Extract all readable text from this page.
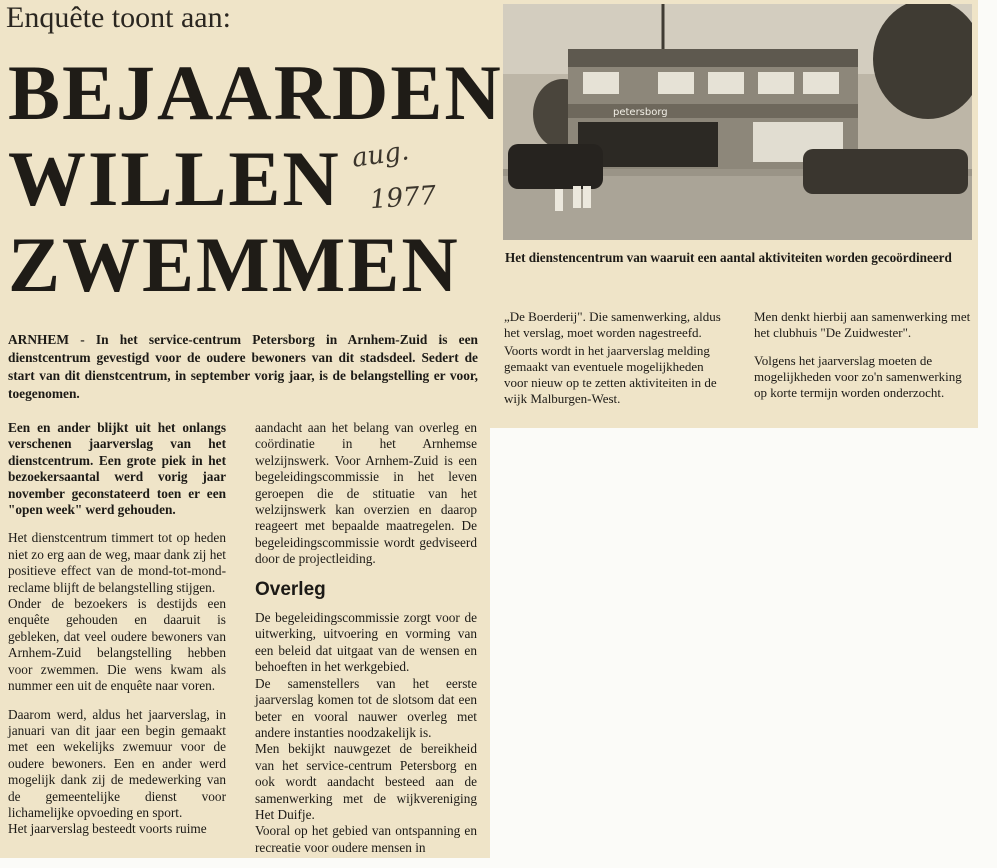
Enquête toont aan:
BEJAARDEN
WILLEN
ZWEMMEN
aug.
1977
petersborg
Het dienstencentrum van waaruit een aantal aktiviteiten worden gecoördineerd
ARNHEM - In het service-centrum Petersborg in Arnhem-Zuid is een dienstcentrum gevestigd voor de oudere bewoners van dit stadsdeel. Sedert de start van dit dienstcentrum, in september vorig jaar, is de belangstelling er voor, toegenomen.

Een en ander blijkt uit het onlangs verschenen jaarverslag van het dienstcentrum. Een grote piek in het bezoekersaantal werd vorig jaar november geconstateerd toen er een "open week" werd gehouden.

Het dienstcentrum timmert tot op heden niet zo erg aan de weg, maar dank zij het positieve effect van de mond-tot-mond-reclame blijft de belangstelling stijgen.

Onder de bezoekers is destijds een enquête gehouden en daaruit is gebleken, dat veel oudere bewoners van Arnhem-Zuid belangstelling hebben voor zwemmen. Die wens kwam als nummer een uit de enquête naar voren.

Daarom werd, aldus het jaarverslag, in januari van dit jaar een begin gemaakt met een wekelijks zwemuur voor de oudere bewoners. Een en ander werd mogelijk dank zij de medewerking van de gemeentelijke dienst voor lichamelijke opvoeding en sport.

Het jaarverslag besteedt voorts ruime

aandacht aan het belang van overleg en coördinatie in het Arnhemse welzijnswerk. Voor Arnhem-Zuid is een begeleidingscommissie in het leven geroepen die de stituatie van het welzijnswerk kan overzien en daarop reageert met bepaalde maatregelen. De begeleidingscommissie wordt gedviseerd door de projectleiding.

Overleg

De begeleidingscommissie zorgt voor de uitwerking, uitvoering en vorming van een beleid dat uitgaat van de wensen en behoeften in het werkgebied.

De samenstellers van het eerste jaarverslag komen tot de slotsom dat een beter en vooral nauwer overleg met andere instanties noodzakelijk is.

Men bekijkt nauwgezet de bereikheid van het service-centrum Petersborg en ook wordt aandacht besteed aan de samenwerking met de wijkvereniging Het Duifje.

Vooral op het gebied van ontspanning en recreatie voor oudere mensen in

„De Boerderij". Die samenwerking, aldus het verslag, moet worden nagestreefd.

Voorts wordt in het jaarverslag melding gemaakt van eventuele mogelijkheden voor nieuw op te zetten aktiviteiten in de wijk Malburgen-West.

Men denkt hierbij aan samenwerking met het clubhuis "De Zuidwester".

Volgens het jaarverslag moeten de mogelijkheden voor zo'n samenwerking op korte termijn worden onderzocht.
